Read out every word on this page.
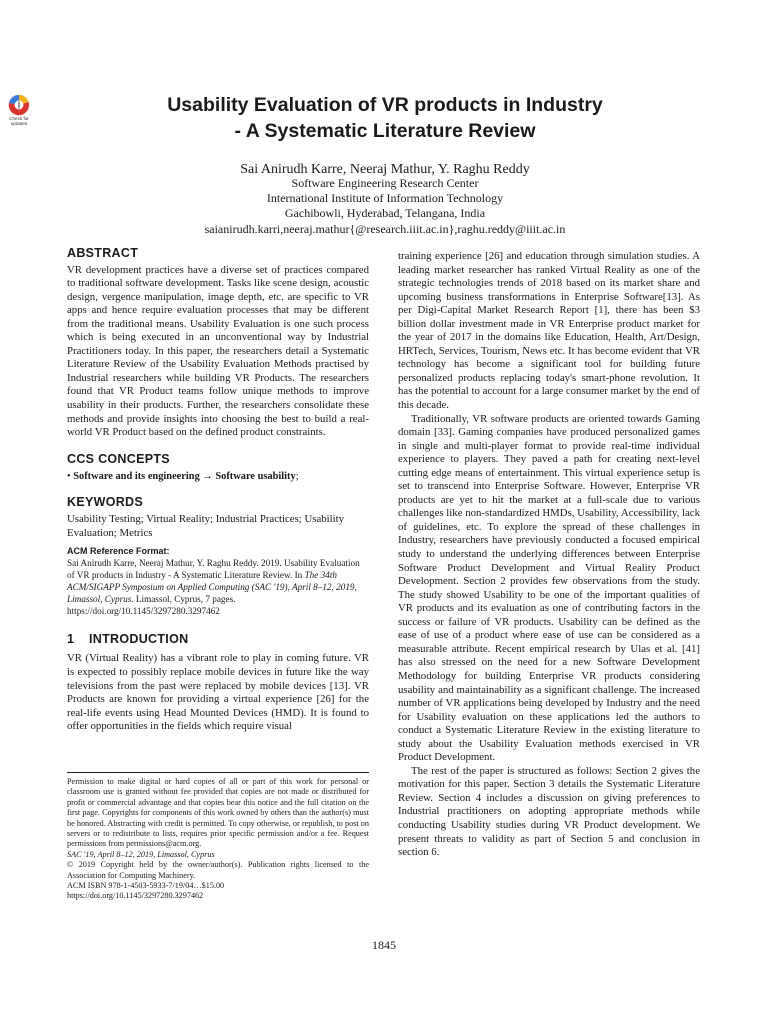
Check for
updates
Usability Evaluation of VR products in Industry
- A Systematic Literature Review
Sai Anirudh Karre, Neeraj Mathur, Y. Raghu Reddy
Software Engineering Research Center
International Institute of Information Technology
Gachibowli, Hyderabad, Telangana, India
saianirudh.karri,neeraj.mathur{@research.iiit.ac.in},raghu.reddy@iiit.ac.in
ABSTRACT

VR development practices have a diverse set of practices compared to traditional software development. Tasks like scene design, acoustic design, vergence manipulation, image depth, etc. are specific to VR apps and hence require evaluation processes that may be different from the traditional means. Usability Evaluation is one such process which is being executed in an unconventional way by Industrial Practitioners today. In this paper, the researchers detail a Systematic Literature Review of the Usability Evaluation Methods practised by Industrial researchers while building VR Products. The researchers found that VR Product teams follow unique methods to improve usability in their products. Further, the researchers consolidate these methods and provide insights into choosing the best to build a real-world VR Product based on the defined product constraints.

CCS CONCEPTS

• Software and its engineering → Software usability;

KEYWORDS

Usability Testing; Virtual Reality; Industrial Practices; Usability Evaluation; Metrics

ACM Reference Format:

Sai Anirudh Karre, Neeraj Mathur, Y. Raghu Reddy. 2019. Usability Evaluation of VR products in Industry - A Systematic Literature Review. In The 34th ACM/SIGAPP Symposium on Applied Computing (SAC '19), April 8–12, 2019, Limassol, Cyprus. Limassol, Cyprus, 7 pages. https://doi.org/10.1145/3297280.3297462

1 INTRODUCTION

VR (Virtual Reality) has a vibrant role to play in coming future. VR is expected to possibly replace mobile devices in future like the way televisions from the past were replaced by mobile devices [13]. VR Products are known for providing a virtual experience [26] for the real-life events using Head Mounted Devices (HMD). It is found to offer opportunities in the fields which require visual

Permission to make digital or hard copies of all or part of this work for personal or classroom use is granted without fee provided that copies are not made or distributed for profit or commercial advantage and that copies bear this notice and the full citation on the first page. Copyrights for components of this work owned by others than the author(s) must be honored. Abstracting with credit is permitted. To copy otherwise, or republish, to post on servers or to redistribute to lists, requires prior specific permission and/or a fee. Request permissions from permissions@acm.org.

SAC '19, April 8–12, 2019, Limassol, Cyprus

© 2019 Copyright held by the owner/author(s). Publication rights licensed to the Association for Computing Machinery.

ACM ISBN 978-1-4503-5933-7/19/04…$15.00

https://doi.org/10.1145/3297280.3297462

training experience [26] and education through simulation studies. A leading market researcher has ranked Virtual Reality as one of the strategic technologies trends of 2018 based on its market share and upcoming business transformations in Enterprise Software[13]. As per Digi-Capital Market Research Report [1], there has been $3 billion dollar investment made in VR Enterprise product market for the year of 2017 in the domains like Education, Health, Art/Design, HRTech, Services, Tourism, News etc. It has become evident that VR technology has become a significant tool for building future personalized products replacing today's smart-phone revolution. It has the potential to account for a large consumer market by the end of this decade.

Traditionally, VR software products are oriented towards Gaming domain [33]. Gaming companies have produced personalized games in single and multi-player format to provide real-time individual experience to players. They paved a path for creating next-level cutting edge means of entertainment. This virtual experience setup is set to transcend into Enterprise Software. However, Enterprise VR products are yet to hit the market at a full-scale due to various challenges like non-standardized HMDs, Usability, Accessibility, lack of guidelines, etc. To explore the spread of these challenges in Industry, researchers have previously conducted a focused empirical study to understand the underlying differences between Enterprise Software Product Development and Virtual Reality Product Development. Section 2 provides few observations from the study. The study showed Usability to be one of the important qualities of VR products and its evaluation as one of contributing factors in the success or failure of VR products. Usability can be defined as the ease of use of a product where ease of use can be considered as a measurable attribute. Recent empirical research by Ulas et al. [41] has also stressed on the need for a new Software Development Methodology for building Enterprise VR products considering usability and maintainability as a significant challenge. The increased number of VR applications being developed by Industry and the need for Usability evaluation on these applications led the authors to conduct a Systematic Literature Review in the existing literature to study about the Usability Evaluation methods exercised in VR Product Development.

The rest of the paper is structured as follows: Section 2 gives the motivation for this paper. Section 3 details the Systematic Literature Review. Section 4 includes a discussion on giving preferences to Industrial practitioners on adopting appropriate methods while conducting Usability studies during VR Product development. We present threats to validity as part of Section 5 and conclusion in section 6.

1845
